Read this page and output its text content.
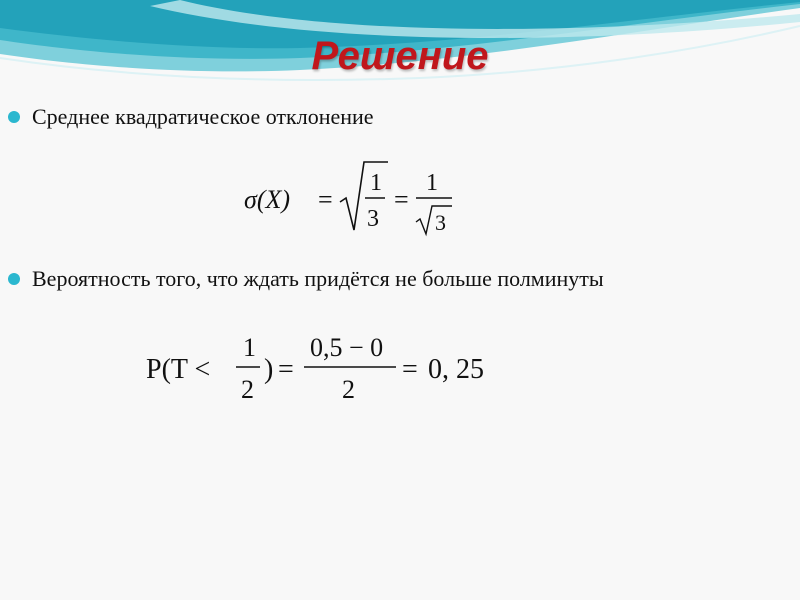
Решение
Среднее квадратическое отклонение
σ(X) =
1
3
=
1
3
Вероятность того, что ждать придётся не больше полминуты
P(T <
1
2
) =
0,5 − 0
2
= 0, 25
